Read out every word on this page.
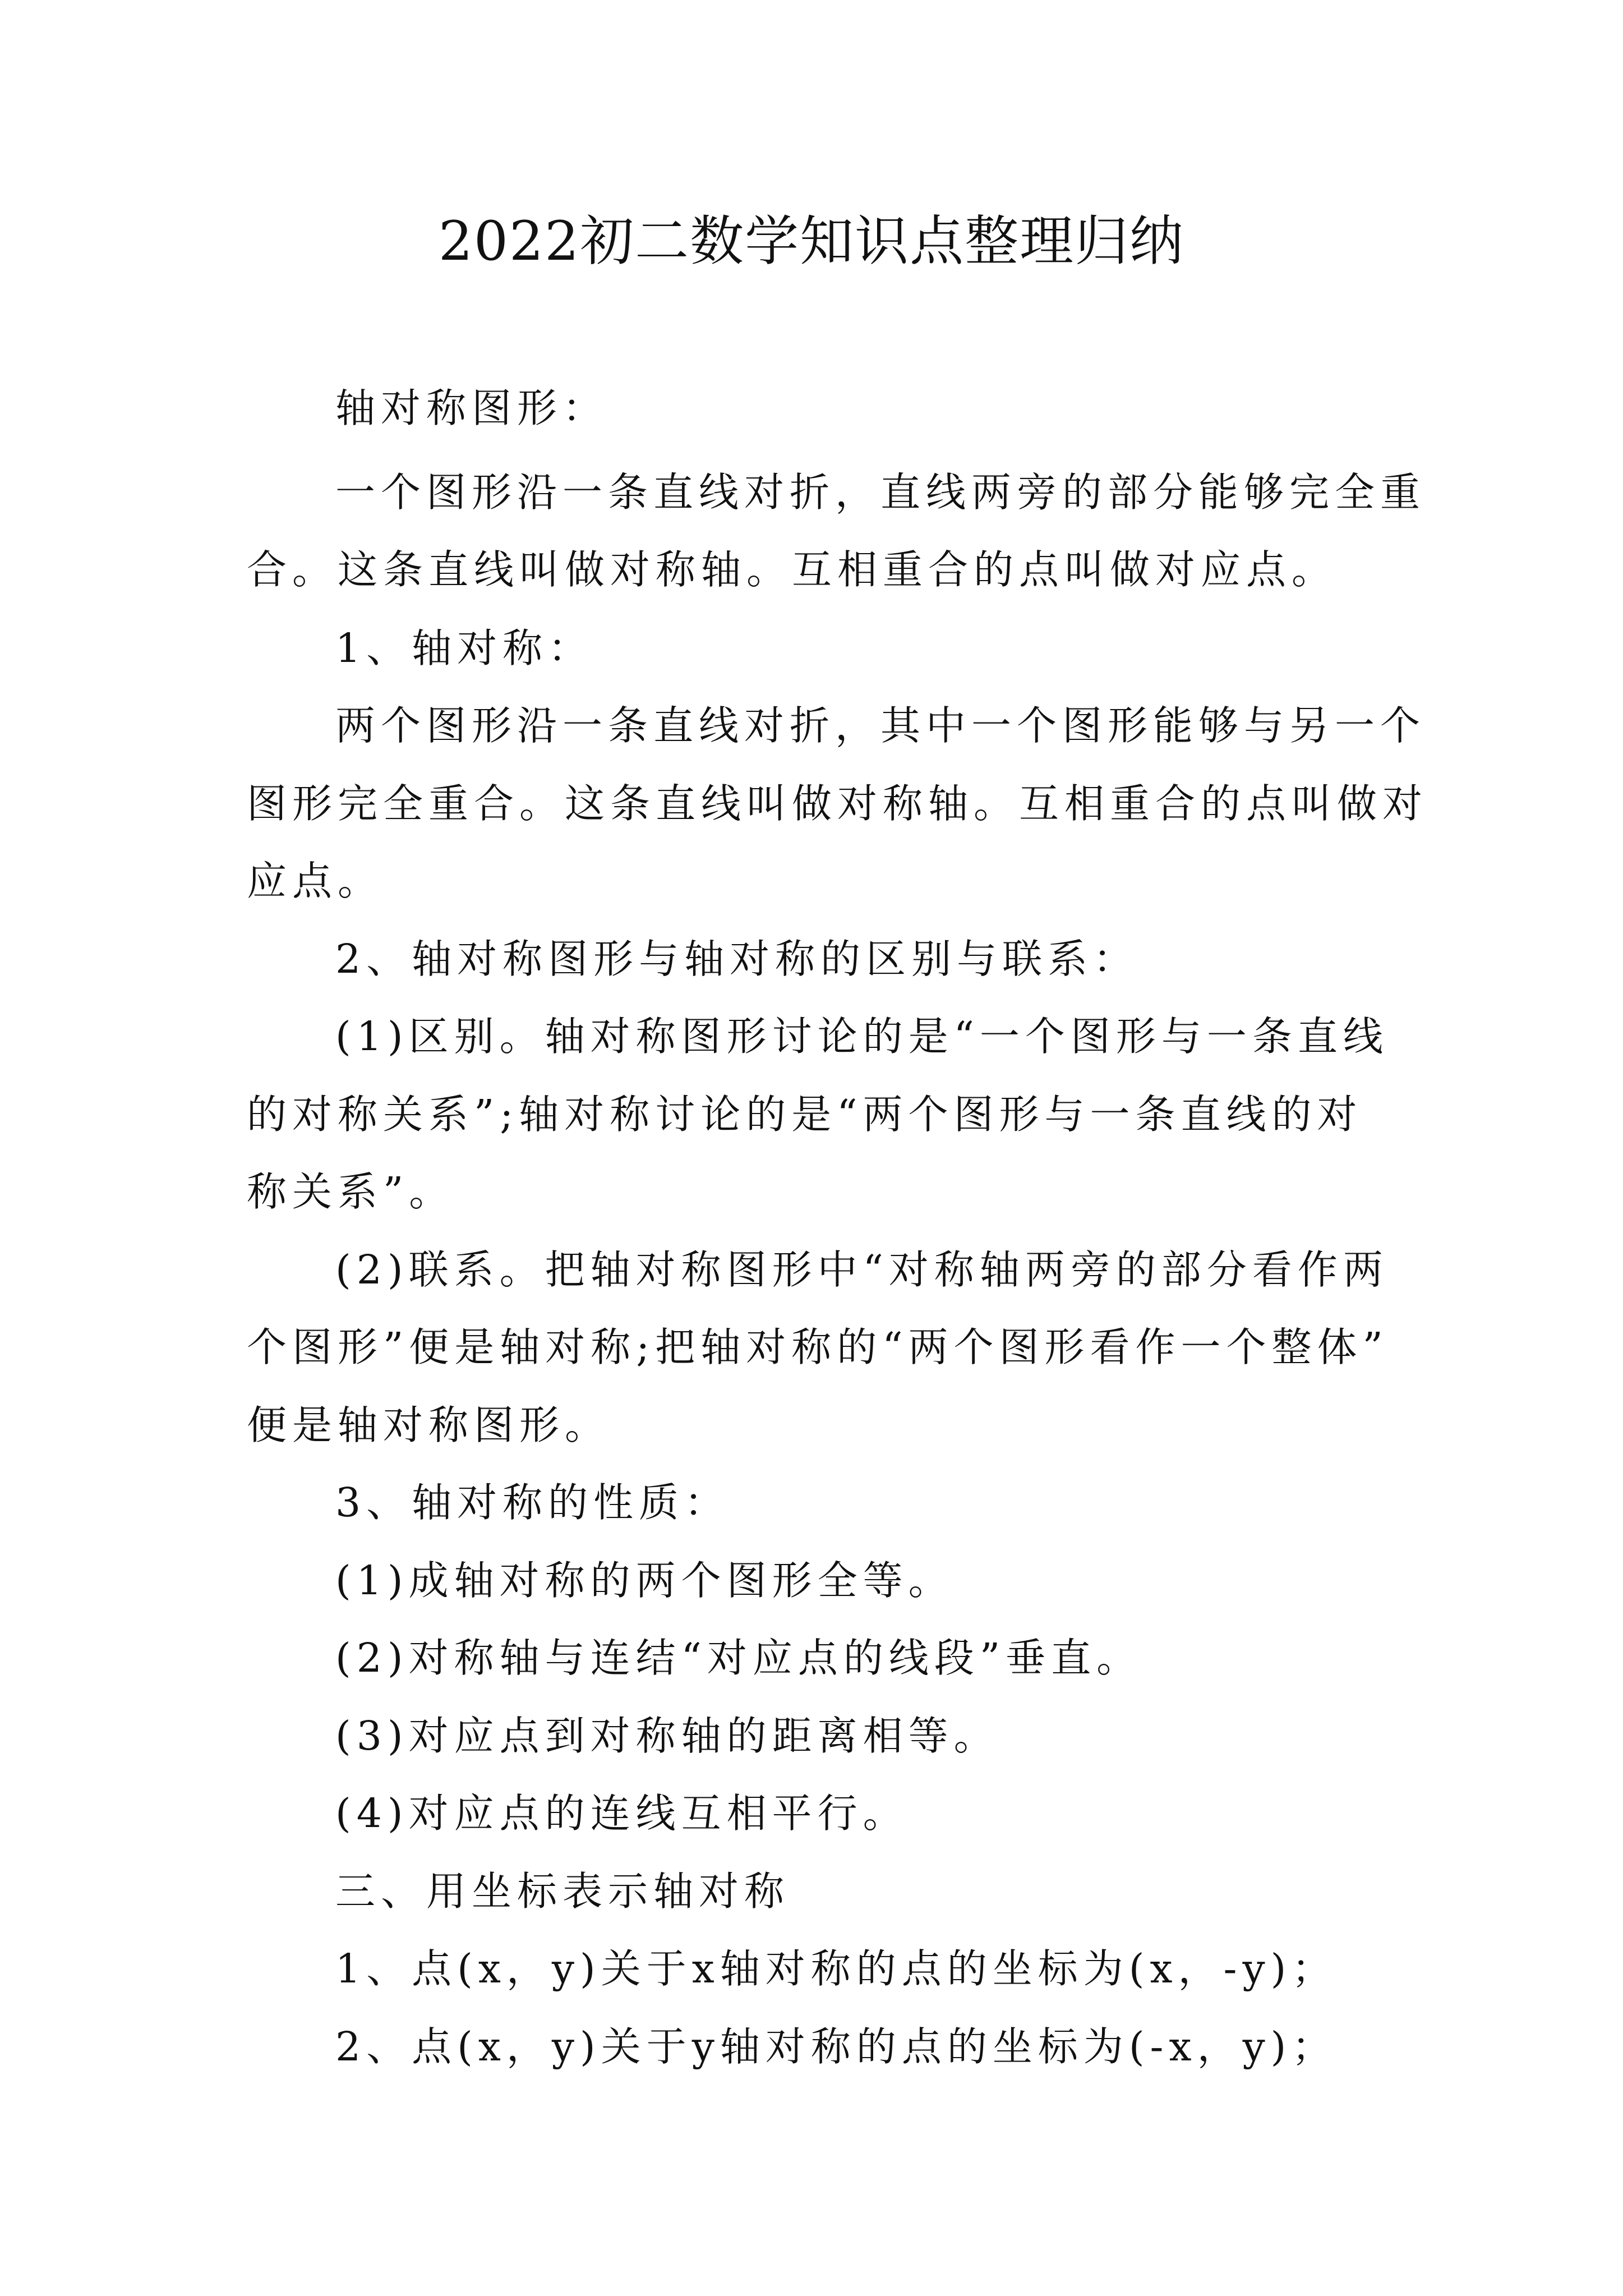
2022初二数学知识点整理归纳
轴对称图形：
一个图形沿一条直线对折，直线两旁的部分能够完全重
合。这条直线叫做对称轴。互相重合的点叫做对应点。
1、轴对称：
两个图形沿一条直线对折，其中一个图形能够与另一个
图形完全重合。这条直线叫做对称轴。互相重合的点叫做对
应点。
2、轴对称图形与轴对称的区别与联系：
(1)区别。轴对称图形讨论的是“一个图形与一条直线
的对称关系”;轴对称讨论的是“两个图形与一条直线的对
称关系”。
(2)联系。把轴对称图形中“对称轴两旁的部分看作两
个图形”便是轴对称;把轴对称的“两个图形看作一个整体”
便是轴对称图形。
3、轴对称的性质：
(1)成轴对称的两个图形全等。
(2)对称轴与连结“对应点的线段”垂直。
(3)对应点到对称轴的距离相等。
(4)对应点的连线互相平行。
三、用坐标表示轴对称
1、点(x，y)关于x轴对称的点的坐标为(x，-y)；
2、点(x，y)关于y轴对称的点的坐标为(-x，y)；
